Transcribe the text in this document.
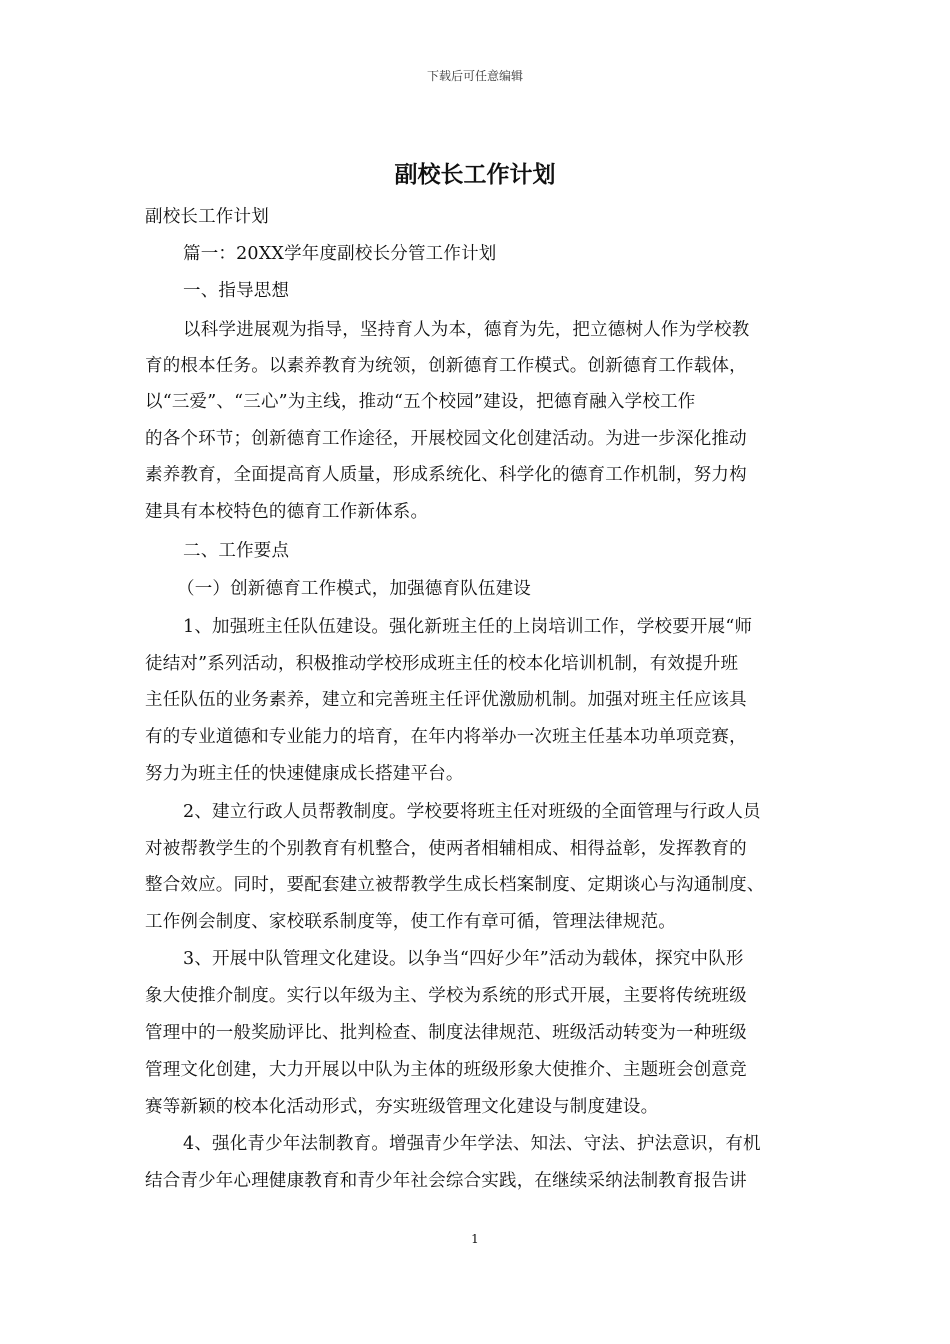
下载后可任意编辑
副校长工作计划
副校长工作计划
篇一：20XX学年度副校长分管工作计划
一、指导思想
以科学进展观为指导，坚持育人为本，德育为先，把立德树人作为学校教
育的根本任务。以素养教育为统领，创新德育工作模式。创新德育工作载体，
以“三爱”、“三心”为主线，推动“五个校园”建设，把德育融入学校工作
的各个环节；创新德育工作途径，开展校园文化创建活动。为进一步深化推动
素养教育，全面提高育人质量，形成系统化、科学化的德育工作机制，努力构
建具有本校特色的德育工作新体系。
二、工作要点
（一）创新德育工作模式，加强德育队伍建设
1、加强班主任队伍建设。强化新班主任的上岗培训工作，学校要开展“师
徒结对”系列活动，积极推动学校形成班主任的校本化培训机制，有效提升班
主任队伍的业务素养，建立和完善班主任评优激励机制。加强对班主任应该具
有的专业道德和专业能力的培育，在年内将举办一次班主任基本功单项竞赛，
努力为班主任的快速健康成长搭建平台。
2、建立行政人员帮教制度。学校要将班主任对班级的全面管理与行政人员
对被帮教学生的个别教育有机整合，使两者相辅相成、相得益彰，发挥教育的
整合效应。同时，要配套建立被帮教学生成长档案制度、定期谈心与沟通制度、
工作例会制度、家校联系制度等，使工作有章可循，管理法律规范。
3、开展中队管理文化建设。以争当“四好少年”活动为载体，探究中队形
象大使推介制度。实行以年级为主、学校为系统的形式开展，主要将传统班级
管理中的一般奖励评比、批判检查、制度法律规范、班级活动转变为一种班级
管理文化创建，大力开展以中队为主体的班级形象大使推介、主题班会创意竞
赛等新颖的校本化活动形式，夯实班级管理文化建设与制度建设。
4、强化青少年法制教育。增强青少年学法、知法、守法、护法意识，有机
结合青少年心理健康教育和青少年社会综合实践，在继续采纳法制教育报告讲
1
